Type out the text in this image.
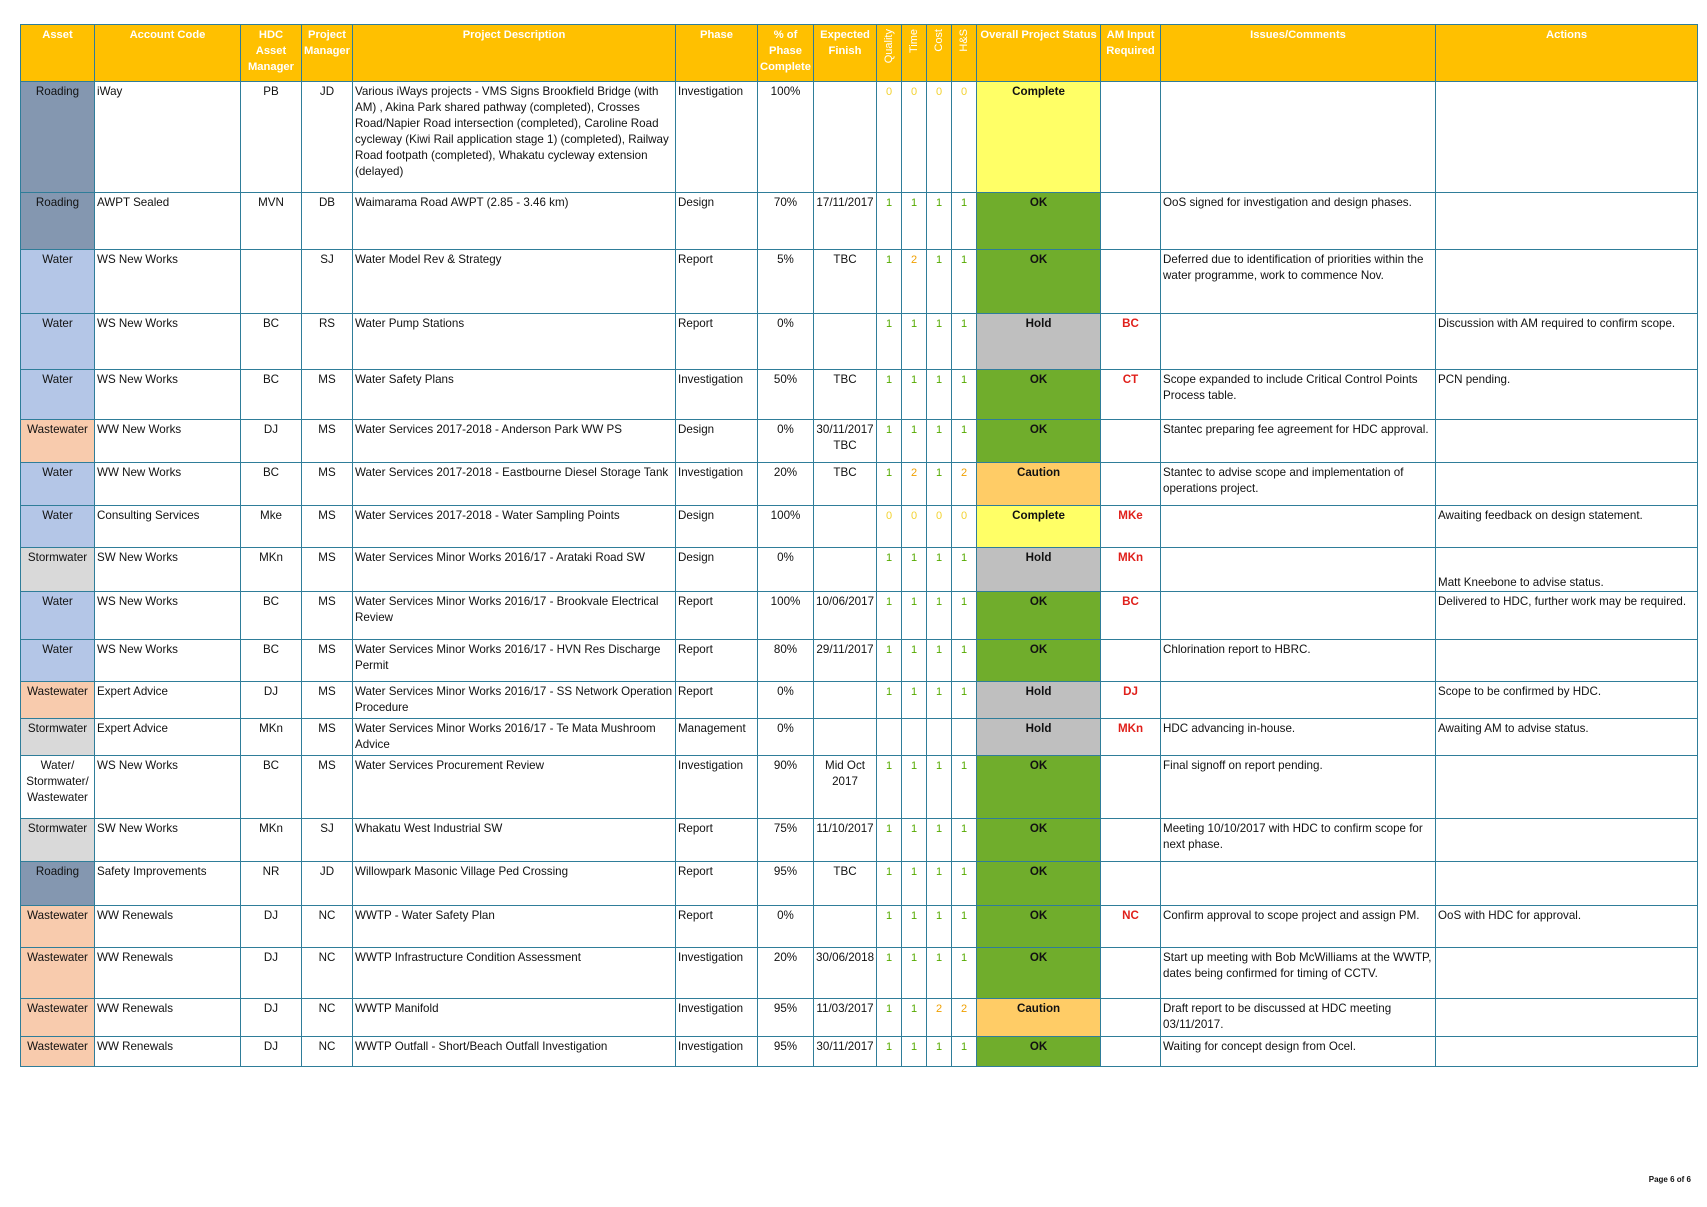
Asset	Account Code	HDC Asset Manager	Project Manager	Project Description	Phase	% of Phase Complete	Expected Finish	Quality	Time	Cost	H&S	Overall Project Status	AM Input Required	Issues/Comments	Actions
Roading	iWay	PB	JD	Various iWays projects - VMS Signs Brookfield Bridge (with AM) , Akina Park shared pathway (completed), Crosses Road/Napier Road intersection (completed), Caroline Road cycleway (Kiwi Rail application stage 1) (completed), Railway Road footpath (completed), Whakatu cycleway extension (delayed)	Investigation	100%		0	0	0	0	Complete			
Roading	AWPT Sealed	MVN	DB	Waimarama Road AWPT (2.85 - 3.46 km)	Design	70%	17/11/2017	1	1	1	1	OK		OoS signed for investigation and design phases.	
Water	WS New Works		SJ	Water Model Rev & Strategy	Report	5%	TBC	1	2	1	1	OK		Deferred due to identification of priorities within the water programme, work to commence Nov.	
Water	WS New Works	BC	RS	Water Pump Stations	Report	0%		1	1	1	1	Hold	BC		Discussion with AM required to confirm scope.
Water	WS New Works	BC	MS	Water Safety Plans	Investigation	50%	TBC	1	1	1	1	OK	CT	Scope expanded to include Critical Control Points Process table.	PCN pending.
Wastewater	WW New Works	DJ	MS	Water Services 2017-2018 - Anderson Park WW PS	Design	0%	30/11/2017 TBC	1	1	1	1	OK		Stantec preparing fee agreement for HDC approval.	
Water	WW New Works	BC	MS	Water Services 2017-2018 - Eastbourne Diesel Storage Tank	Investigation	20%	TBC	1	2	1	2	Caution		Stantec to advise scope and implementation of operations project.	
Water	Consulting Services	Mke	MS	Water Services 2017-2018 - Water Sampling Points	Design	100%		0	0	0	0	Complete	MKe		Awaiting feedback on design statement.
Stormwater	SW New Works	MKn	MS	Water Services Minor Works 2016/17 - Arataki Road SW	Design	0%		1	1	1	1	Hold	MKn		Matt Kneebone to advise status.
Water	WS New Works	BC	MS	Water Services Minor Works 2016/17 - Brookvale Electrical Review	Report	100%	10/06/2017	1	1	1	1	OK	BC		Delivered to HDC, further work may be required.
Water	WS New Works	BC	MS	Water Services Minor Works 2016/17 - HVN Res Discharge Permit	Report	80%	29/11/2017	1	1	1	1	OK		Chlorination report to HBRC.	
Wastewater	Expert Advice	DJ	MS	Water Services Minor Works 2016/17 - SS Network Operation Procedure	Report	0%		1	1	1	1	Hold	DJ		Scope to be confirmed by HDC.
Stormwater	Expert Advice	MKn	MS	Water Services Minor Works 2016/17 - Te Mata Mushroom Advice	Management	0%						Hold	MKn	HDC advancing in-house.	Awaiting AM to advise status.
Water/ Stormwater/ Wastewater	WS New Works	BC	MS	Water Services Procurement Review	Investigation	90%	Mid Oct 2017	1	1	1	1	OK		Final signoff on report pending.	
Stormwater	SW New Works	MKn	SJ	Whakatu West Industrial SW	Report	75%	11/10/2017	1	1	1	1	OK		Meeting 10/10/2017 with HDC to confirm scope for next phase.	
Roading	Safety Improvements	NR	JD	Willowpark Masonic Village Ped Crossing	Report	95%	TBC	1	1	1	1	OK			
Wastewater	WW Renewals	DJ	NC	WWTP - Water Safety Plan	Report	0%		1	1	1	1	OK	NC	Confirm approval to scope project and assign PM.	OoS with HDC for approval.
Wastewater	WW Renewals	DJ	NC	WWTP Infrastructure Condition Assessment	Investigation	20%	30/06/2018	1	1	1	1	OK		Start up meeting with Bob McWilliams at the WWTP, dates being confirmed for timing of CCTV.	
Wastewater	WW Renewals	DJ	NC	WWTP Manifold	Investigation	95%	11/03/2017	1	1	2	2	Caution		Draft report to be discussed at HDC meeting 03/11/2017.	
Wastewater	WW Renewals	DJ	NC	WWTP Outfall - Short/Beach Outfall Investigation	Investigation	95%	30/11/2017	1	1	1	1	OK		Waiting for concept design from Ocel.	
Page 6 of 6
